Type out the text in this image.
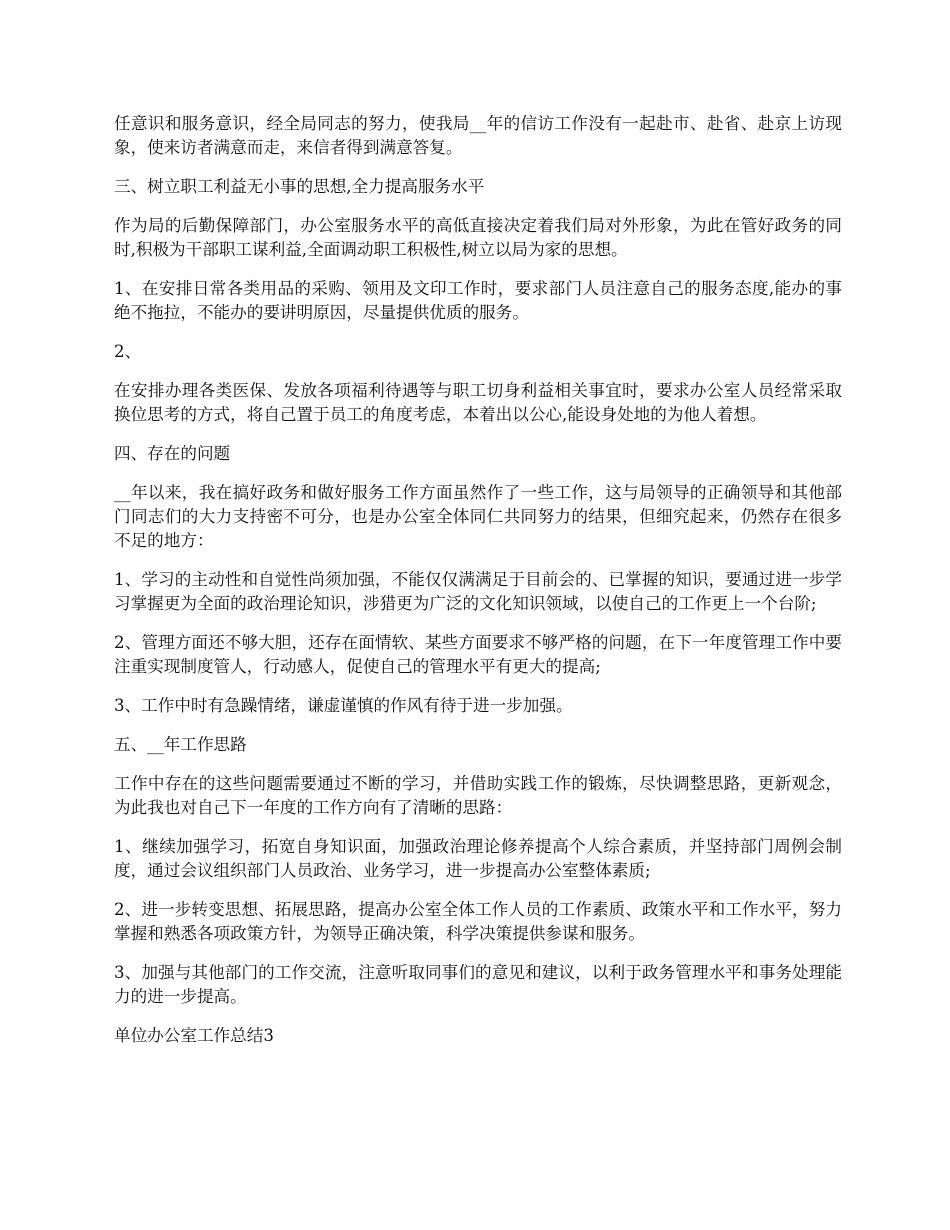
任意识和服务意识，经全局同志的努力，使我局__年的信访工作没有一起赴市、赴省、赴京上访现象，使来访者满意而走，来信者得到满意答复。

三、树立职工利益无小事的思想,全力提高服务水平

作为局的后勤保障部门，办公室服务水平的高低直接决定着我们局对外形象，为此在管好政务的同时,积极为干部职工谋利益,全面调动职工积极性,树立以局为家的思想。

1、在安排日常各类用品的采购、领用及文印工作时，要求部门人员注意自己的服务态度,能办的事绝不拖拉，不能办的要讲明原因，尽量提供优质的服务。

2、

在安排办理各类医保、发放各项福利待遇等与职工切身利益相关事宜时，要求办公室人员经常采取换位思考的方式，将自己置于员工的角度考虑，本着出以公心,能设身处地的为他人着想。

四、存在的问题

__年以来，我在搞好政务和做好服务工作方面虽然作了一些工作，这与局领导的正确领导和其他部门同志们的大力支持密不可分，也是办公室全体同仁共同努力的结果，但细究起来，仍然存在很多不足的地方：

1、学习的主动性和自觉性尚须加强，不能仅仅满满足于目前会的、已掌握的知识，要通过进一步学习掌握更为全面的政治理论知识，涉猎更为广泛的文化知识领域，以使自己的工作更上一个台阶;

2、管理方面还不够大胆，还存在面情软、某些方面要求不够严格的问题，在下一年度管理工作中要注重实现制度管人，行动感人，促使自己的管理水平有更大的提高;

3、工作中时有急躁情绪，谦虚谨慎的作风有待于进一步加强。

五、__年工作思路

工作中存在的这些问题需要通过不断的学习，并借助实践工作的锻炼，尽快调整思路，更新观念，为此我也对自己下一年度的工作方向有了清晰的思路：

1、继续加强学习，拓宽自身知识面，加强政治理论修养提高个人综合素质，并坚持部门周例会制度，通过会议组织部门人员政治、业务学习，进一步提高办公室整体素质;

2、进一步转变思想、拓展思路，提高办公室全体工作人员的工作素质、政策水平和工作水平，努力掌握和熟悉各项政策方针，为领导正确决策，科学决策提供参谋和服务。

3、加强与其他部门的工作交流，注意听取同事们的意见和建议，以利于政务管理水平和事务处理能力的进一步提高。

单位办公室工作总结3
